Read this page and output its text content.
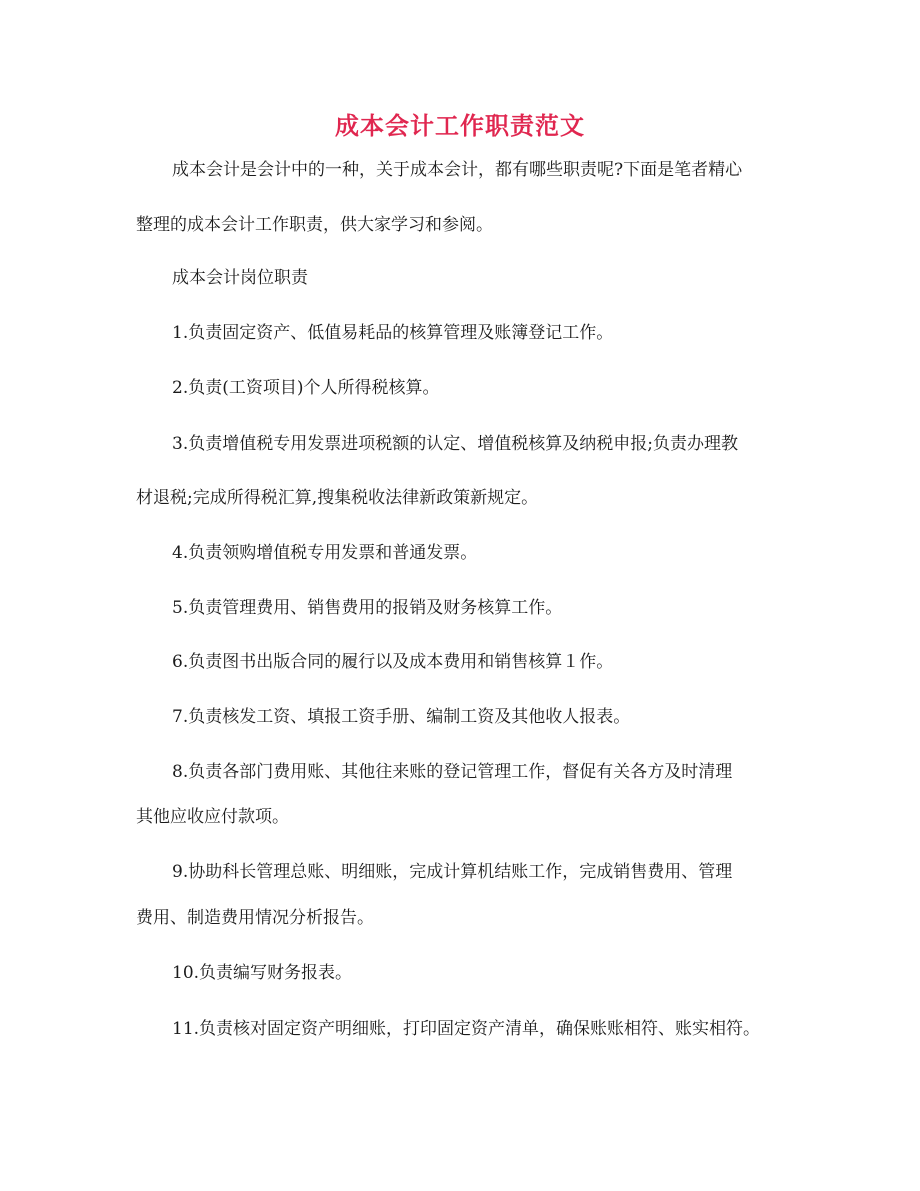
成本会计工作职责范文
成本会计是会计中的一种，关于成本会计，都有哪些职责呢?下面是笔者精心
整理的成本会计工作职责，供大家学习和参阅。
成本会计岗位职责
1.负责固定资产、低值易耗品的核算管理及账簿登记工作。
2.负责(工资项目)个人所得税核算。
3.负责增值税专用发票进项税额的认定、增值税核算及纳税申报;负责办理教
材退税;完成所得税汇算,搜集税收法律新政策新规定。
4.负责领购增值税专用发票和普通发票。
5.负责管理费用、销售费用的报销及财务核算工作。
6.负责图书出版合同的履行以及成本费用和销售核算１作。
7.负责核发工资、填报工资手册、编制工资及其他收人报表。
8.负责各部门费用账、其他往来账的登记管理工作，督促有关各方及时清理
其他应收应付款项。
9.协助科长管理总账、明细账，完成计算机结账工作，完成销售费用、管理
费用、制造费用情况分析报告。
10.负责编写财务报表。
11.负责核对固定资产明细账，打印固定资产清单，确保账账相符、账实相符。
